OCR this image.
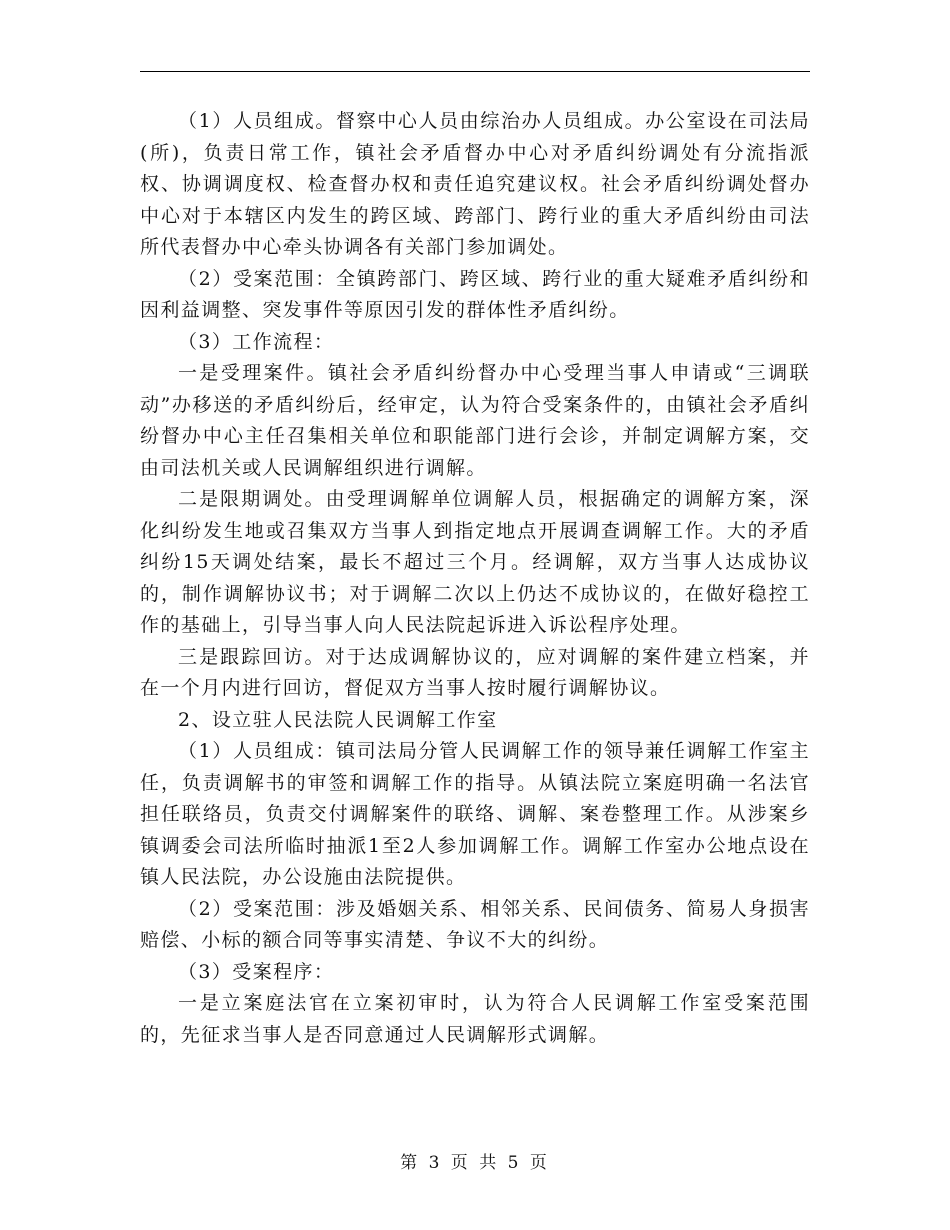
（1）人员组成。督察中心人员由综治办人员组成。办公室设在司法局(所)，负责日常工作，镇社会矛盾督办中心对矛盾纠纷调处有分流指派权、协调调度权、检查督办权和责任追究建议权。社会矛盾纠纷调处督办中心对于本辖区内发生的跨区域、跨部门、跨行业的重大矛盾纠纷由司法所代表督办中心牵头协调各有关部门参加调处。

（2）受案范围：全镇跨部门、跨区域、跨行业的重大疑难矛盾纠纷和因利益调整、突发事件等原因引发的群体性矛盾纠纷。

（3）工作流程：

一是受理案件。镇社会矛盾纠纷督办中心受理当事人申请或“三调联动”办移送的矛盾纠纷后，经审定，认为符合受案条件的，由镇社会矛盾纠纷督办中心主任召集相关单位和职能部门进行会诊，并制定调解方案，交由司法机关或人民调解组织进行调解。

二是限期调处。由受理调解单位调解人员，根据确定的调解方案，深化纠纷发生地或召集双方当事人到指定地点开展调查调解工作。大的矛盾纠纷15天调处结案，最长不超过三个月。经调解，双方当事人达成协议的，制作调解协议书；对于调解二次以上仍达不成协议的，在做好稳控工作的基础上，引导当事人向人民法院起诉进入诉讼程序处理。

三是跟踪回访。对于达成调解协议的，应对调解的案件建立档案，并在一个月内进行回访，督促双方当事人按时履行调解协议。

2、设立驻人民法院人民调解工作室

（1）人员组成：镇司法局分管人民调解工作的领导兼任调解工作室主任，负责调解书的审签和调解工作的指导。从镇法院立案庭明确一名法官担任联络员，负责交付调解案件的联络、调解、案卷整理工作。从涉案乡镇调委会司法所临时抽派1至2人参加调解工作。调解工作室办公地点设在镇人民法院，办公设施由法院提供。

（2）受案范围：涉及婚姻关系、相邻关系、民间债务、简易人身损害赔偿、小标的额合同等事实清楚、争议不大的纠纷。

（3）受案程序：

一是立案庭法官在立案初审时，认为符合人民调解工作室受案范围的，先征求当事人是否同意通过人民调解形式调解。

第 3 页 共 5 页
